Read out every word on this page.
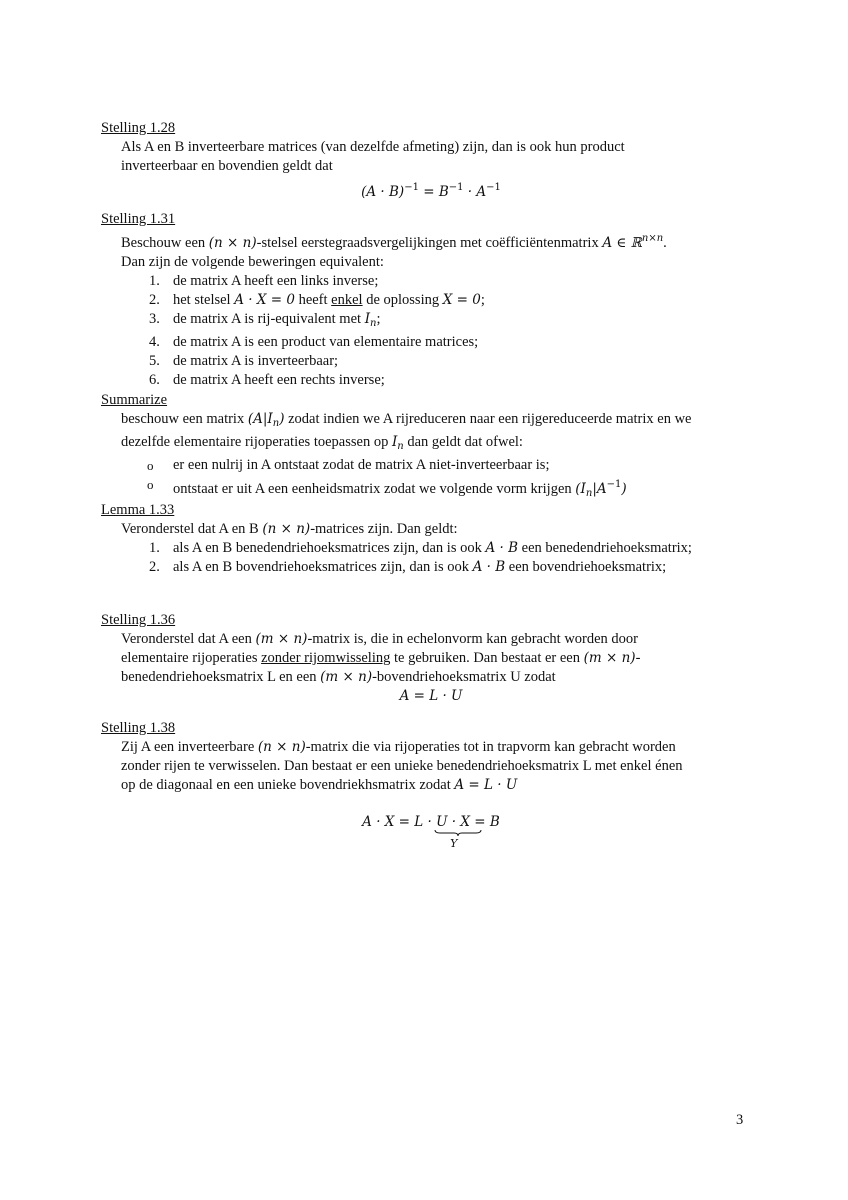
Stelling 1.28
Als A en B inverteerbare matrices (van dezelfde afmeting) zijn, dan is ook hun product
inverteerbaar en bovendien geldt dat
$(A \cdot B)^{-1} = B^{-1} \cdot A^{-1}$
Stelling 1.31
Beschouw een (n × n)-stelsel eerstegraadsvergelijkingen met coëfficiëntenmatrix A ∈ ℝ$^{n\times n}$.
Dan zijn de volgende beweringen equivalent:
1. de matrix A heeft een links inverse;
2. het stelsel A · X = 0 heeft enkel de oplossing X = 0;
3. de matrix A is rij-equivalent met $I_n$;
4. de matrix A is een product van elementaire matrices;
5. de matrix A is inverteerbaar;
6. de matrix A heeft een rechts inverse;
Summarize
beschouw een matrix $(A|I_n)$ zodat indien we A rijreduceren naar een rijgereduceerde matrix en we
dezelfde elementaire rijoperaties toepassen op $I_n$ dan geldt dat ofwel:
o er een nulrij in A ontstaat zodat de matrix A niet-inverteerbaar is;
o ontstaat er uit A een eenheidsmatrix zodat we volgende vorm krijgen $(I_n|A^{-1})$
Lemma 1.33
Veronderstel dat A en B (n × n)-matrices zijn. Dan geldt:
1. als A en B benedendriehoeksmatrices zijn, dan is ook A · B een benedendriehoeksmatrix;
2. als A en B bovendriehoeksmatrices zijn, dan is ook A · B een bovendriehoeksmatrix;
Stelling 1.36
Veronderstel dat A een (m × n)-matrix is, die in echelonvorm kan gebracht worden door
elementaire rijoperaties zonder rijomwisseling te gebruiken. Dan bestaat er een (m × n)-
benedendriehoeksmatrix L en een (m × n)-bovendriehoeksmatrix U zodat
A = L · U
Stelling 1.38
Zij A een inverteerbare (n × n)-matrix die via rijoperaties tot in trapvorm kan gebracht worden
zonder rijen te verwisselen. Dan bestaat er een unieke benedendriehoeksmatrix L met enkel énen
op de diagonaal en een unieke bovendriekhsmatrix zodat A = L · U
A · X = L · U · X
Y
= B
3
